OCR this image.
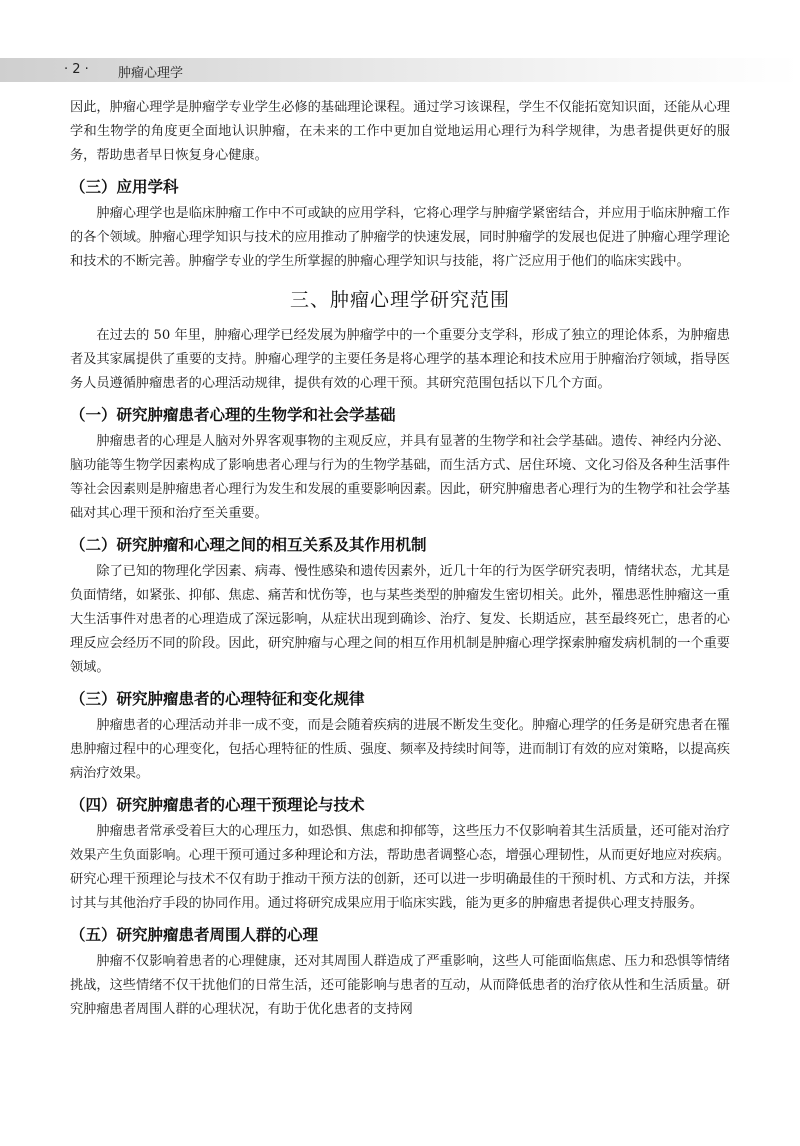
· 2 · 肿瘤心理学

因此，肿瘤心理学是肿瘤学专业学生必修的基础理论课程。通过学习该课程，学生不仅能拓宽知识面，还能从心理学和生物学的角度更全面地认识肿瘤，在未来的工作中更加自觉地运用心理行为科学规律，为患者提供更好的服务，帮助患者早日恢复身心健康。

（三）应用学科

肿瘤心理学也是临床肿瘤工作中不可或缺的应用学科，它将心理学与肿瘤学紧密结合，并应用于临床肿瘤工作的各个领域。肿瘤心理学知识与技术的应用推动了肿瘤学的快速发展，同时肿瘤学的发展也促进了肿瘤心理学理论和技术的不断完善。肿瘤学专业的学生所掌握的肿瘤心理学知识与技能，将广泛应用于他们的临床实践中。

三、肿瘤心理学研究范围

在过去的 50 年里，肿瘤心理学已经发展为肿瘤学中的一个重要分支学科，形成了独立的理论体系，为肿瘤患者及其家属提供了重要的支持。肿瘤心理学的主要任务是将心理学的基本理论和技术应用于肿瘤治疗领域，指导医务人员遵循肿瘤患者的心理活动规律，提供有效的心理干预。其研究范围包括以下几个方面。

（一）研究肿瘤患者心理的生物学和社会学基础

肿瘤患者的心理是人脑对外界客观事物的主观反应，并具有显著的生物学和社会学基础。遗传、神经内分泌、脑功能等生物学因素构成了影响患者心理与行为的生物学基础，而生活方式、居住环境、文化习俗及各种生活事件等社会因素则是肿瘤患者心理行为发生和发展的重要影响因素。因此，研究肿瘤患者心理行为的生物学和社会学基础对其心理干预和治疗至关重要。

（二）研究肿瘤和心理之间的相互关系及其作用机制

除了已知的物理化学因素、病毒、慢性感染和遗传因素外，近几十年的行为医学研究表明，情绪状态，尤其是负面情绪，如紧张、抑郁、焦虑、痛苦和忧伤等，也与某些类型的肿瘤发生密切相关。此外，罹患恶性肿瘤这一重大生活事件对患者的心理造成了深远影响，从症状出现到确诊、治疗、复发、长期适应，甚至最终死亡，患者的心理反应会经历不同的阶段。因此，研究肿瘤与心理之间的相互作用机制是肿瘤心理学探索肿瘤发病机制的一个重要领域。

（三）研究肿瘤患者的心理特征和变化规律

肿瘤患者的心理活动并非一成不变，而是会随着疾病的进展不断发生变化。肿瘤心理学的任务是研究患者在罹患肿瘤过程中的心理变化，包括心理特征的性质、强度、频率及持续时间等，进而制订有效的应对策略，以提高疾病治疗效果。

（四）研究肿瘤患者的心理干预理论与技术

肿瘤患者常承受着巨大的心理压力，如恐惧、焦虑和抑郁等，这些压力不仅影响着其生活质量，还可能对治疗效果产生负面影响。心理干预可通过多种理论和方法，帮助患者调整心态，增强心理韧性，从而更好地应对疾病。研究心理干预理论与技术不仅有助于推动干预方法的创新，还可以进一步明确最佳的干预时机、方式和方法，并探讨其与其他治疗手段的协同作用。通过将研究成果应用于临床实践，能为更多的肿瘤患者提供心理支持服务。

（五）研究肿瘤患者周围人群的心理

肿瘤不仅影响着患者的心理健康，还对其周围人群造成了严重影响，这些人可能面临焦虑、压力和恐惧等情绪挑战，这些情绪不仅干扰他们的日常生活，还可能影响与患者的互动，从而降低患者的治疗依从性和生活质量。研究肿瘤患者周围人群的心理状况，有助于优化患者的支持网
